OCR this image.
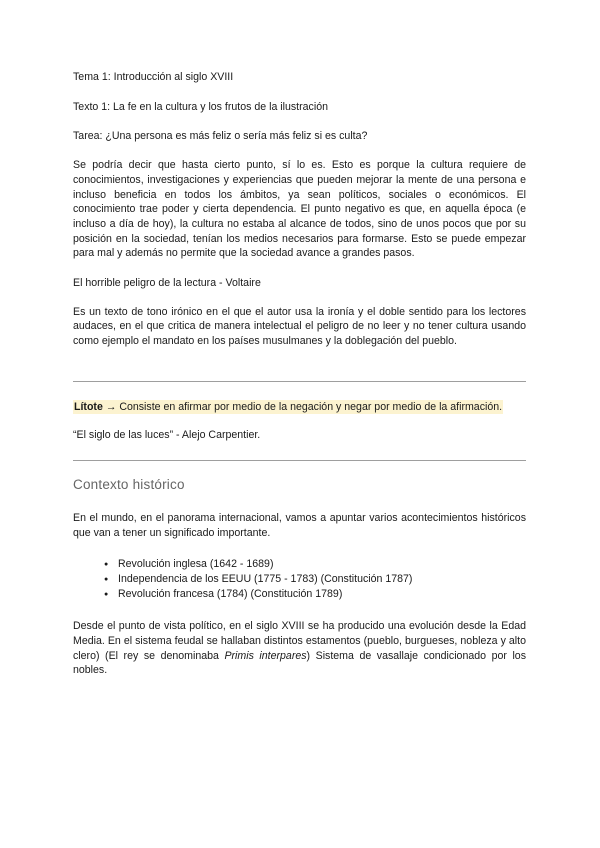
Tema 1: Introducción al siglo XVIII

Texto 1: La fe en la cultura y los frutos de la ilustración

Tarea: ¿Una persona es más feliz o sería más feliz si es culta?

Se podría decir que hasta cierto punto, sí lo es. Esto es porque la cultura requiere de conocimientos, investigaciones y experiencias que pueden mejorar la mente de una persona e incluso beneficia en todos los ámbitos, ya sean políticos, sociales o económicos. El conocimiento trae poder y cierta dependencia. El punto negativo es que, en aquella época (e incluso a día de hoy), la cultura no estaba al alcance de todos, sino de unos pocos que por su posición en la sociedad, tenían los medios necesarios para formarse. Esto se puede empezar para mal y además no permite que la sociedad avance a grandes pasos.

El horrible peligro de la lectura - Voltaire

Es un texto de tono irónico en el que el autor usa la ironía y el doble sentido para los lectores audaces, en el que critica de manera intelectual el peligro de no leer y no tener cultura usando como ejemplo el mandato en los países musulmanes y la doblegación del pueblo.

Lítote → Consiste en afirmar por medio de la negación y negar por medio de la afirmación.

“El siglo de las luces” - Alejo Carpentier.

Contexto histórico

En el mundo, en el panorama internacional, vamos a apuntar varios acontecimientos históricos que van a tener un significado importante.

● Revolución inglesa (1642 - 1689)
● Independencia de los EEUU (1775 - 1783) (Constitución 1787)
● Revolución francesa (1784) (Constitución 1789)

Desde el punto de vista político, en el siglo XVIII se ha producido una evolución desde la Edad Media. En el sistema feudal se hallaban distintos estamentos (pueblo, burgueses, nobleza y alto clero) (El rey se denominaba Primis interpares) Sistema de vasallaje condicionado por los nobles.
